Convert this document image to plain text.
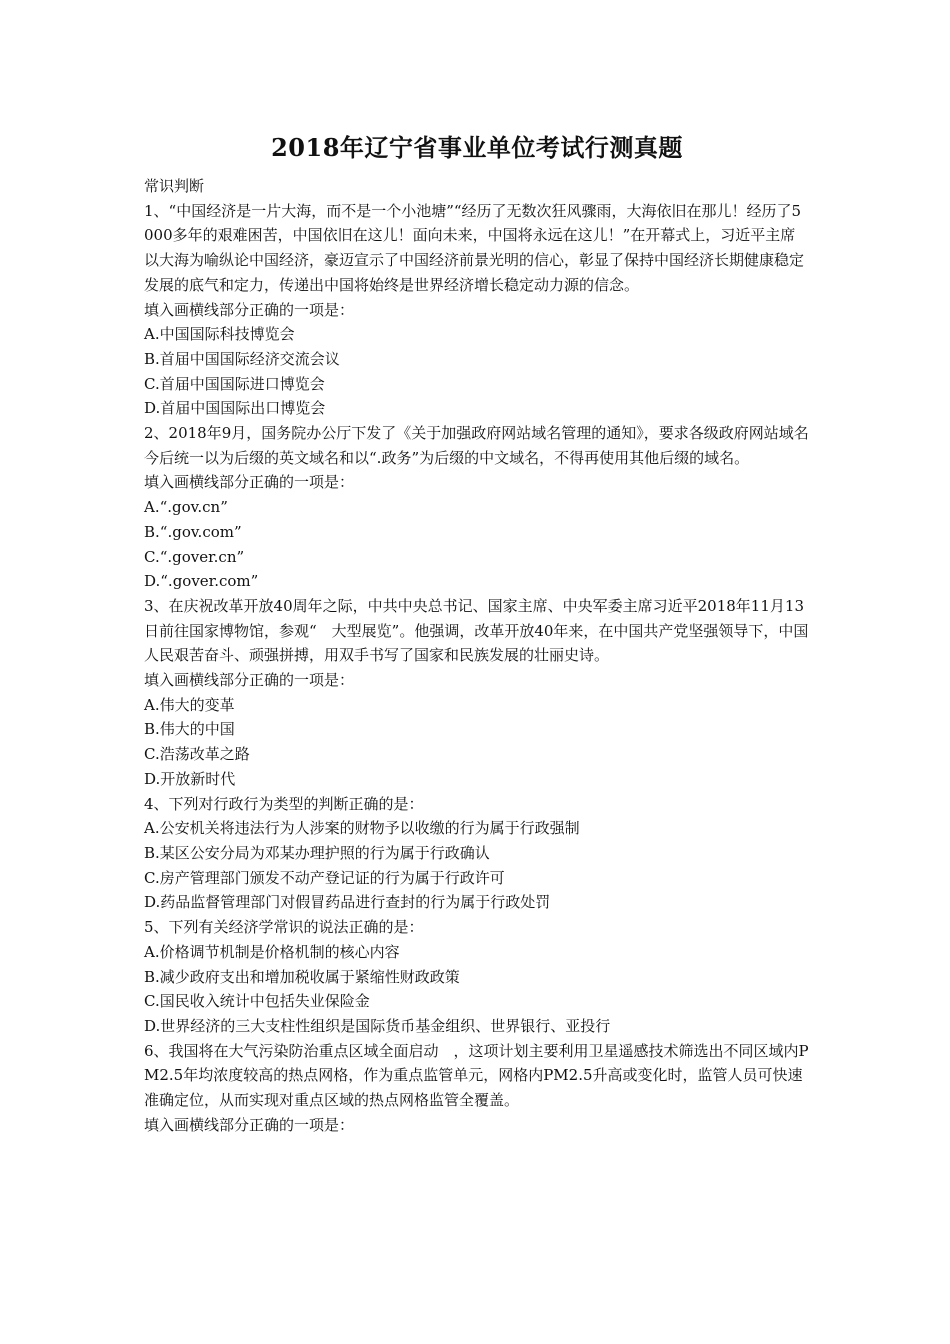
2018年辽宁省事业单位考试行测真题

常识判断

1、“中国经济是一片大海，而不是一个小池塘”“经历了无数次狂风骤雨，大海依旧在那儿！经历了5000多年的艰难困苦，中国依旧在这儿！面向未来，中国将永远在这儿！”在开幕式上，习近平主席以大海为喻纵论中国经济，豪迈宣示了中国经济前景光明的信心，彰显了保持中国经济长期健康稳定发展的底气和定力，传递出中国将始终是世界经济增长稳定动力源的信念。

填入画横线部分正确的一项是：

A.中国国际科技博览会

B.首届中国国际经济交流会议

C.首届中国国际进口博览会

D.首届中国国际出口博览会

2、2018年9月，国务院办公厅下发了《关于加强政府网站域名管理的通知》，要求各级政府网站域名今后统一以为后缀的英文域名和以“.政务”为后缀的中文域名，不得再使用其他后缀的域名。

填入画横线部分正确的一项是：

A.“.gov.cn”

B.“.gov.com”

C.“.gover.cn”

D.“.gover.com”

3、在庆祝改革开放40周年之际，中共中央总书记、国家主席、中央军委主席习近平2018年11月13日前往国家博物馆，参观“　大型展览”。他强调，改革开放40年来，在中国共产党坚强领导下，中国人民艰苦奋斗、顽强拼搏，用双手书写了国家和民族发展的壮丽史诗。

填入画横线部分正确的一项是：

A.伟大的变革

B.伟大的中国

C.浩荡改革之路

D.开放新时代

4、下列对行政行为类型的判断正确的是：

A.公安机关将违法行为人涉案的财物予以收缴的行为属于行政强制

B.某区公安分局为邓某办理护照的行为属于行政确认

C.房产管理部门颁发不动产登记证的行为属于行政许可

D.药品监督管理部门对假冒药品进行查封的行为属于行政处罚

5、下列有关经济学常识的说法正确的是：

A.价格调节机制是价格机制的核心内容

B.减少政府支出和增加税收属于紧缩性财政政策

C.国民收入统计中包括失业保险金

D.世界经济的三大支柱性组织是国际货币基金组织、世界银行、亚投行

6、我国将在大气污染防治重点区域全面启动　，这项计划主要利用卫星遥感技术筛选出不同区域内PM2.5年均浓度较高的热点网格，作为重点监管单元，网格内PM2.5升高或变化时，监管人员可快速准确定位，从而实现对重点区域的热点网格监管全覆盖。

填入画横线部分正确的一项是：
